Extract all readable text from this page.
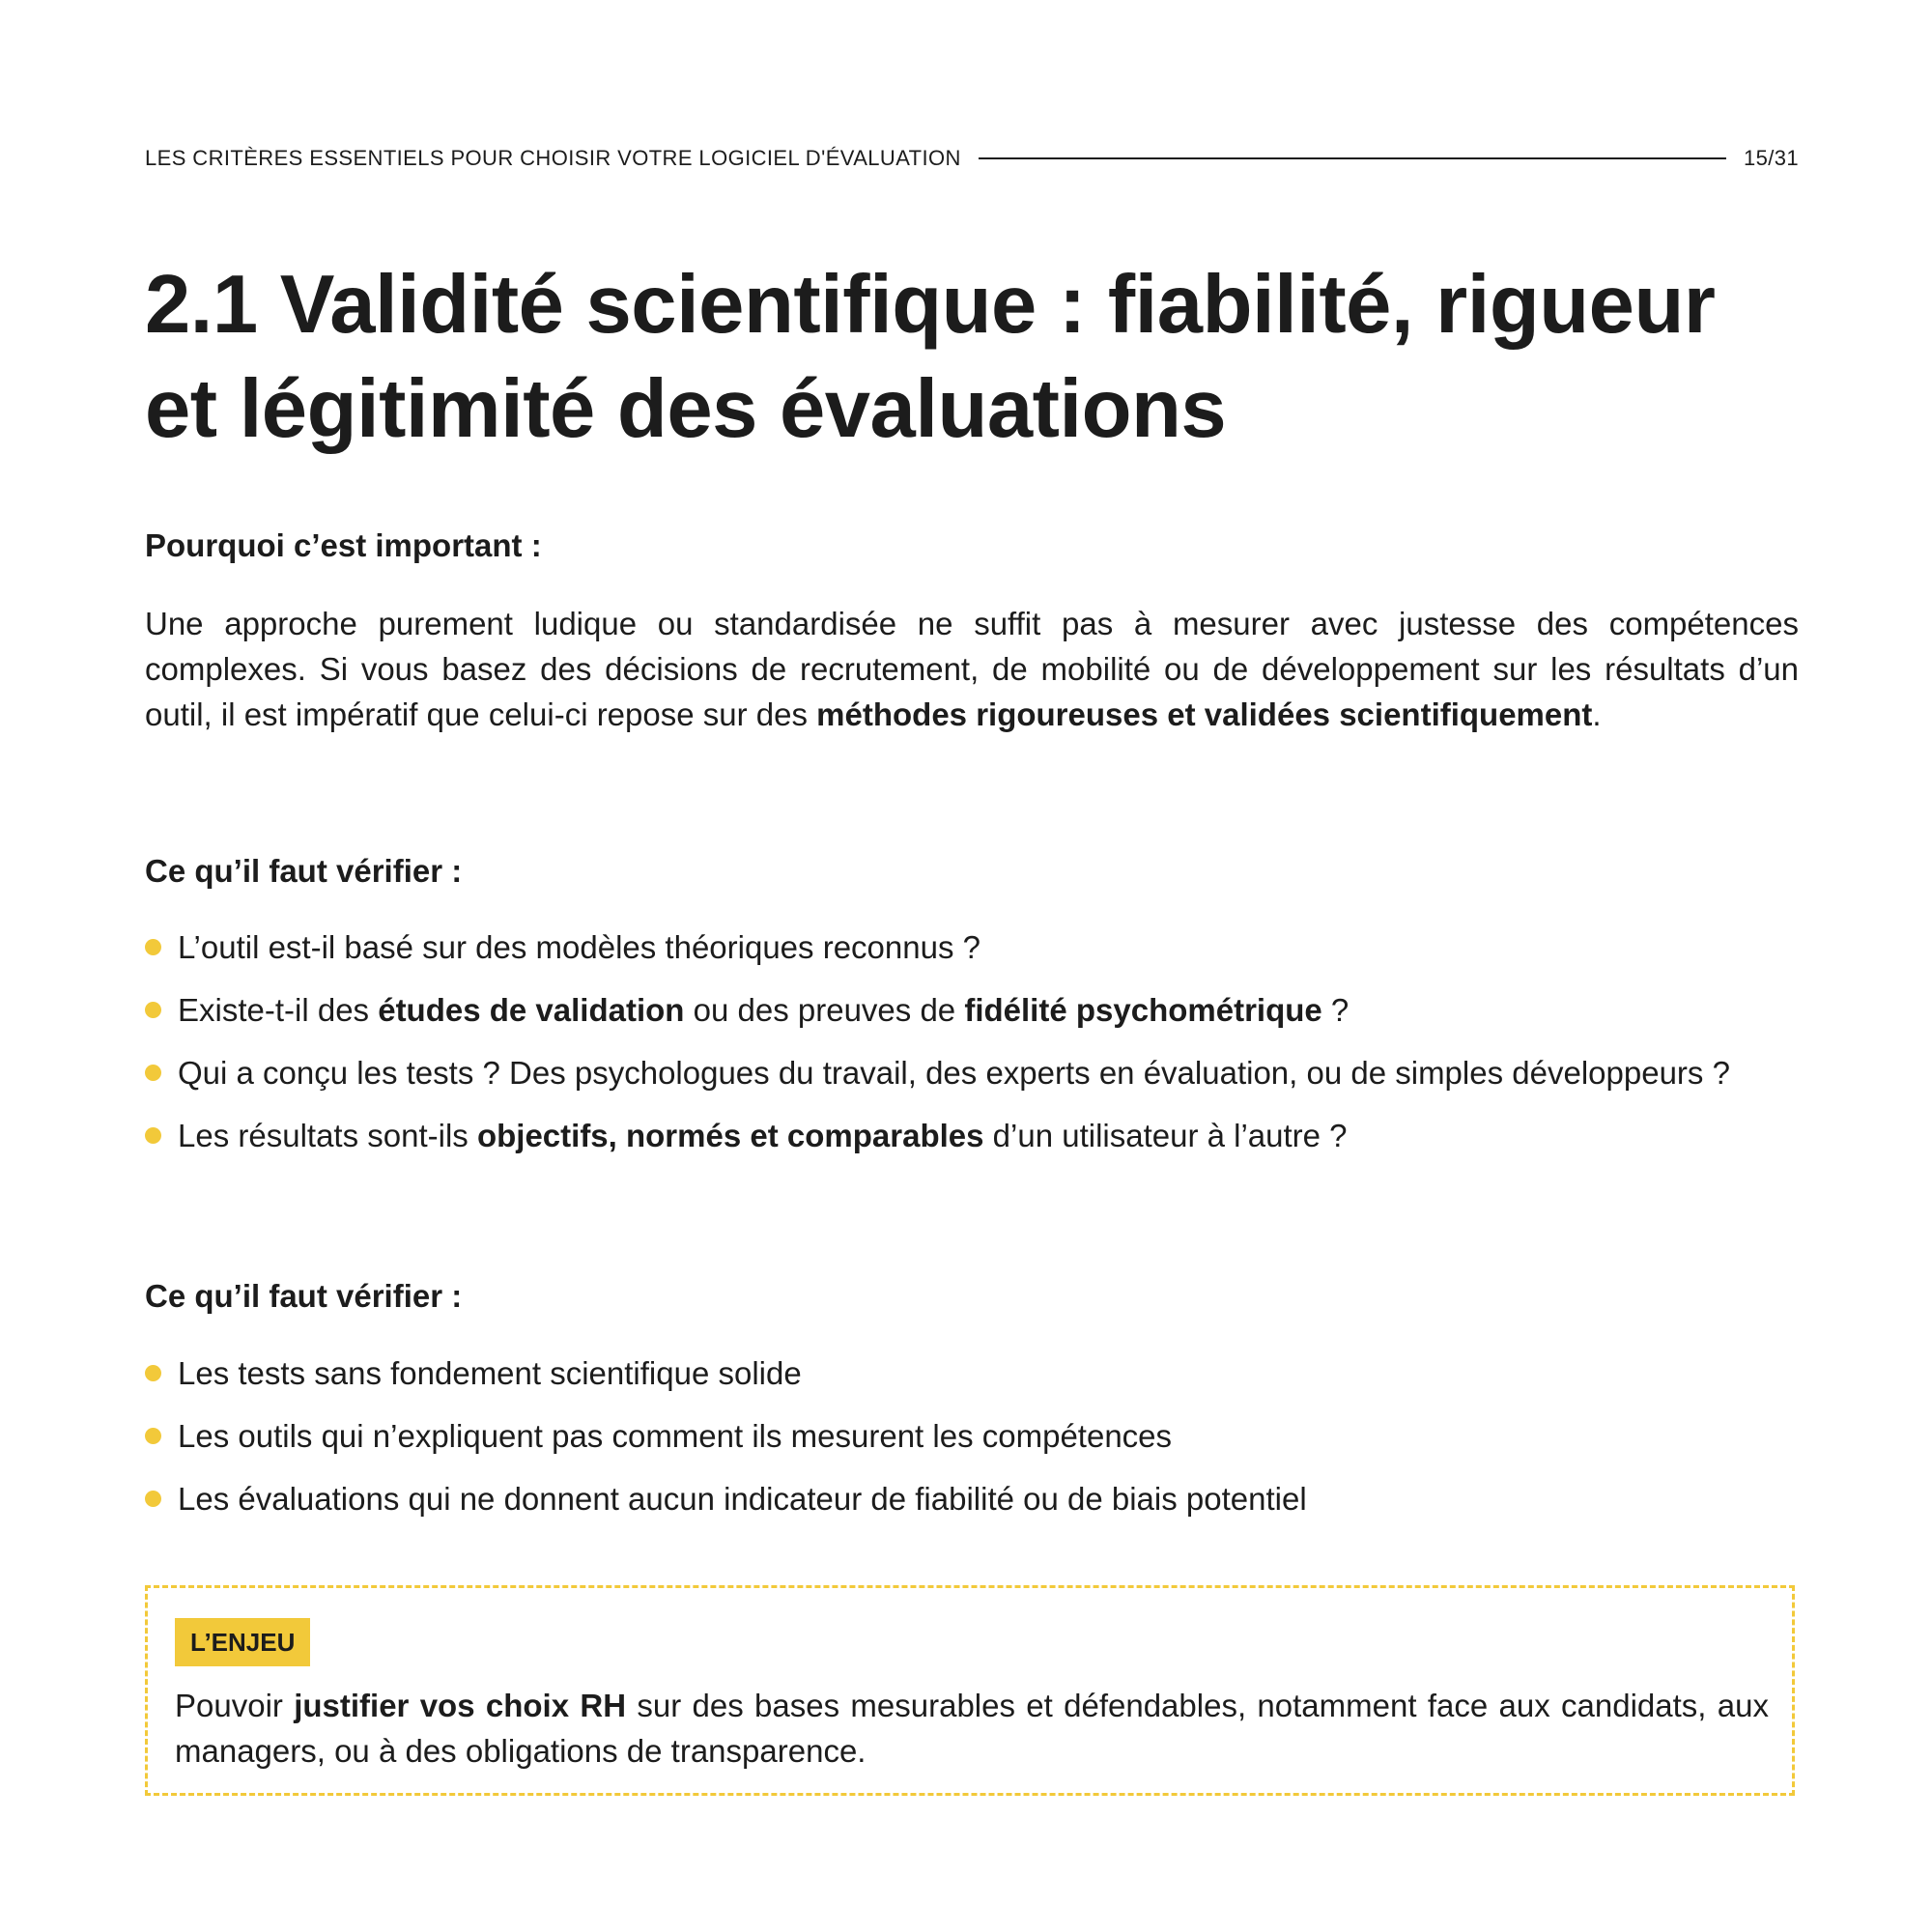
LES CRITÈRES ESSENTIELS POUR CHOISIR VOTRE LOGICIEL D'ÉVALUATION	15/31
2.1 Validité scientifique : fiabilité, rigueur
et légitimité des évaluations

Pourquoi c’est important :

Une approche purement ludique ou standardisée ne suffit pas à mesurer avec justesse des compétences complexes. Si vous basez des décisions de recrutement, de mobilité ou de développement sur les résultats d’un outil, il est impératif que celui-ci repose sur des méthodes rigoureuses et validées scientifiquement.

Ce qu’il faut vérifier :

L’outil est-il basé sur des modèles théoriques reconnus ?
Existe-t-il des études de validation ou des preuves de fidélité psychométrique ?
Qui a conçu les tests ? Des psychologues du travail, des experts en évaluation, ou de simples développeurs ?
Les résultats sont-ils objectifs, normés et comparables d’un utilisateur à l’autre ?

Ce qu’il faut vérifier :

Les tests sans fondement scientifique solide
Les outils qui n’expliquent pas comment ils mesurent les compétences
Les évaluations qui ne donnent aucun indicateur de fiabilité ou de biais potentiel
L’ENJEU

Pouvoir justifier vos choix RH sur des bases mesurables et défendables, notamment face aux candidats, aux managers, ou à des obligations de transparence.
